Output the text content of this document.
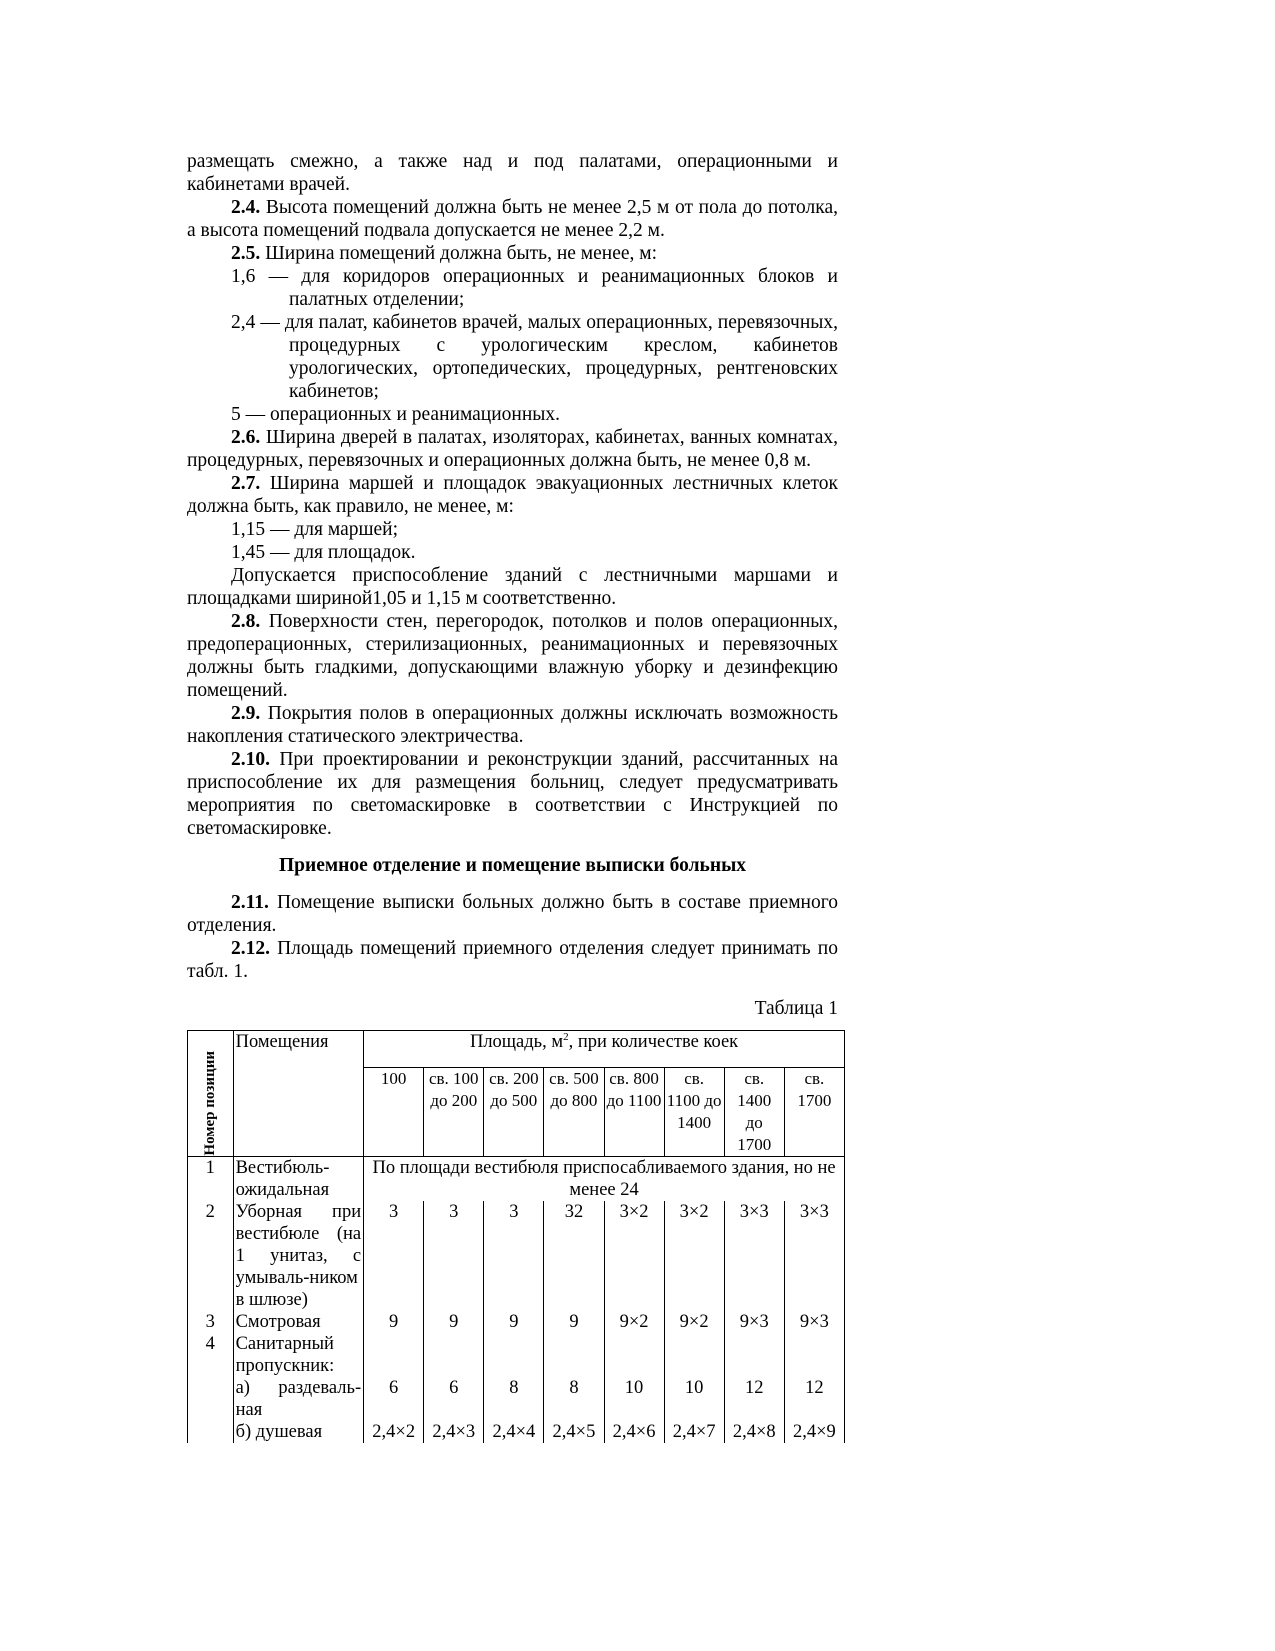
размещать смежно, а также над и под палатами, операционными и кабинетами врачей.

2.4. Высота помещений должна быть не менее 2,5 м от пола до потолка, а высота помещений подвала допускается не менее 2,2 м.

2.5. Ширина помещений должна быть, не менее, м:

1,6 — для коридоров операционных и реанимационных блоков и палатных отделении;

2,4 — для палат, кабинетов врачей, малых операционных, перевязочных, процедурных с урологическим креслом, кабинетов урологических, ортопедических, процедурных, рентгеновских кабинетов;

5 — операционных и реанимационных.

2.6. Ширина дверей в палатах, изоляторах, кабинетах, ванных комнатах, процедурных, перевязочных и операционных должна быть, не менее 0,8 м.

2.7. Ширина маршей и площадок эвакуационных лестничных клеток должна быть, как правило, не менее, м:

1,15 — для маршей;

1,45 — для площадок.

Допускается приспособление зданий с лестничными маршами и площадками шириной1,05 и 1,15 м соответственно.

2.8. Поверхности стен, перегородок, потолков и полов операционных, предоперационных, стерилизационных, реанимационных и перевязочных должны быть гладкими, допускающими влажную уборку и дезинфекцию помещений.

2.9. Покрытия полов в операционных должны исключать возможность накопления статического электричества.

2.10. При проектировании и реконструкции зданий, рассчитанных на приспособление их для размещения больниц, следует предусматривать мероприятия по светомаскировке в соответствии с Инструкцией по светомаскировке.

Приемное отделение и помещение выписки больных

2.11. Помещение выписки больных должно быть в составе приемного отделения.

2.12. Площадь помещений приемного отделения следует принимать по табл. 1.

Таблица 1

Номер позиции	Помещения	Площадь, $м^2$, при количестве коек							
		100	св. 100 до 200	св. 200 до 500	св. 500 до 800	св. 800 до 1100	св. 1100 до 1400	св. 1400 до 1700	св. 1700
1	Вестибюль-ожидальная	По площади вестибюля приспосабливаемого здания, но не менее 24							
2	Уборная при вестибюле (на 1 унитаз, с умываль-ником в шлюзе)	3	3	3	32	3×2	3×2	3×3	3×3
3	Смотровая	9	9	9	9	9×2	9×2	9×3	9×3
4	Санитарный пропускник:								
	а) раздеваль-ная	6	6	8	8	10	10	12	12
	б) душевая	2,4×2	2,4×3	2,4×4	2,4×5	2,4×6	2,4×7	2,4×8	2,4×9
